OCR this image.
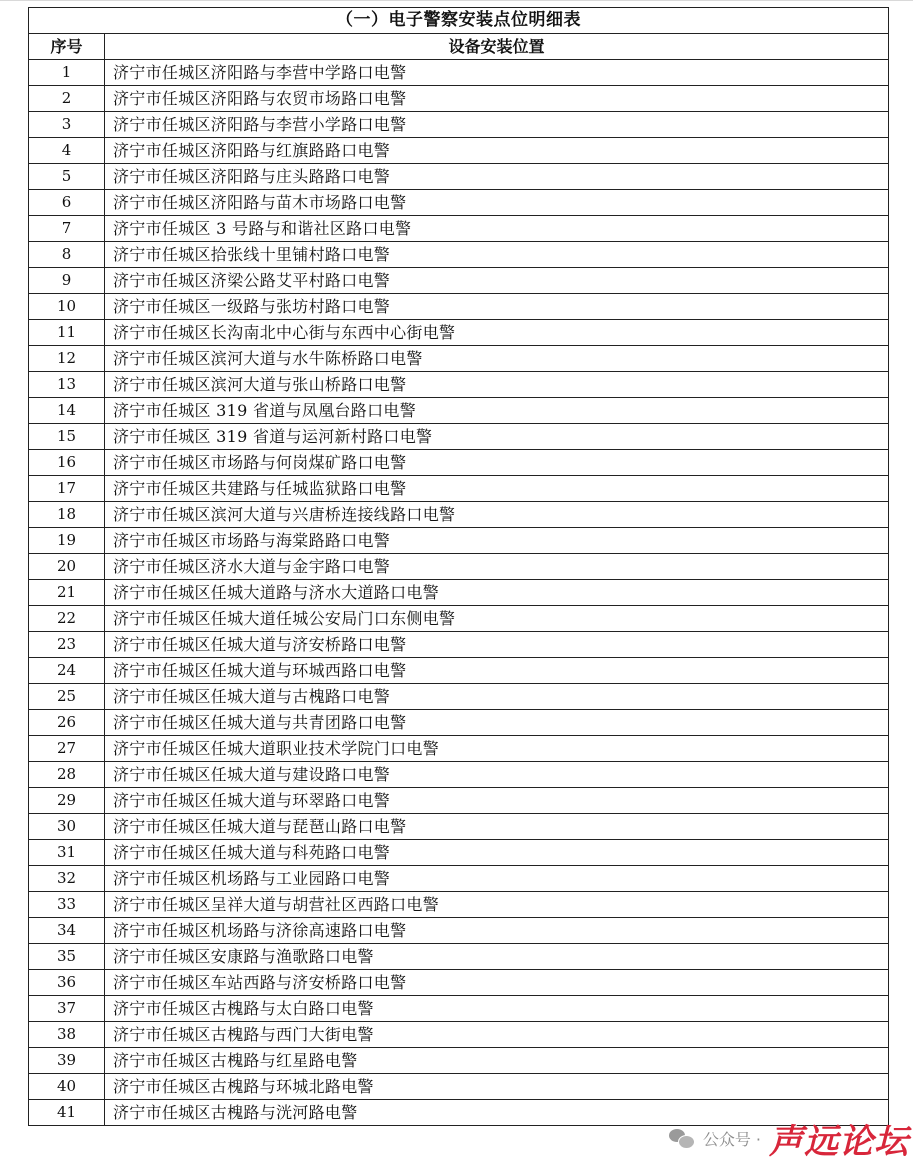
（一）电子警察安装点位明细表	
序号	设备安装位置
1	济宁市任城区济阳路与李营中学路口电警
2	济宁市任城区济阳路与农贸市场路口电警
3	济宁市任城区济阳路与李营小学路口电警
4	济宁市任城区济阳路与红旗路路口电警
5	济宁市任城区济阳路与庄头路路口电警
6	济宁市任城区济阳路与苗木市场路口电警
7	济宁市任城区 3 号路与和谐社区路口电警
8	济宁市任城区拾张线十里铺村路口电警
9	济宁市任城区济梁公路艾平村路口电警
10	济宁市任城区一级路与张坊村路口电警
11	济宁市任城区长沟南北中心街与东西中心街电警
12	济宁市任城区滨河大道与水牛陈桥路口电警
13	济宁市任城区滨河大道与张山桥路口电警
14	济宁市任城区 319 省道与凤凰台路口电警
15	济宁市任城区 319 省道与运河新村路口电警
16	济宁市任城区市场路与何岗煤矿路口电警
17	济宁市任城区共建路与任城监狱路口电警
18	济宁市任城区滨河大道与兴唐桥连接线路口电警
19	济宁市任城区市场路与海棠路路口电警
20	济宁市任城区济水大道与金宇路口电警
21	济宁市任城区任城大道路与济水大道路口电警
22	济宁市任城区任城大道任城公安局门口东侧电警
23	济宁市任城区任城大道与济安桥路口电警
24	济宁市任城区任城大道与环城西路口电警
25	济宁市任城区任城大道与古槐路口电警
26	济宁市任城区任城大道与共青团路口电警
27	济宁市任城区任城大道职业技术学院门口电警
28	济宁市任城区任城大道与建设路口电警
29	济宁市任城区任城大道与环翠路口电警
30	济宁市任城区任城大道与琵琶山路口电警
31	济宁市任城区任城大道与科苑路口电警
32	济宁市任城区机场路与工业园路口电警
33	济宁市任城区呈祥大道与胡营社区西路口电警
34	济宁市任城区机场路与济徐高速路口电警
35	济宁市任城区安康路与渔歌路口电警
36	济宁市任城区车站西路与济安桥路口电警
37	济宁市任城区古槐路与太白路口电警
38	济宁市任城区古槐路与西门大街电警
39	济宁市任城区古槐路与红星路电警
40	济宁市任城区古槐路与环城北路电警
41	济宁市任城区古槐路与洸河路电警
公众号 · 声远论坛
